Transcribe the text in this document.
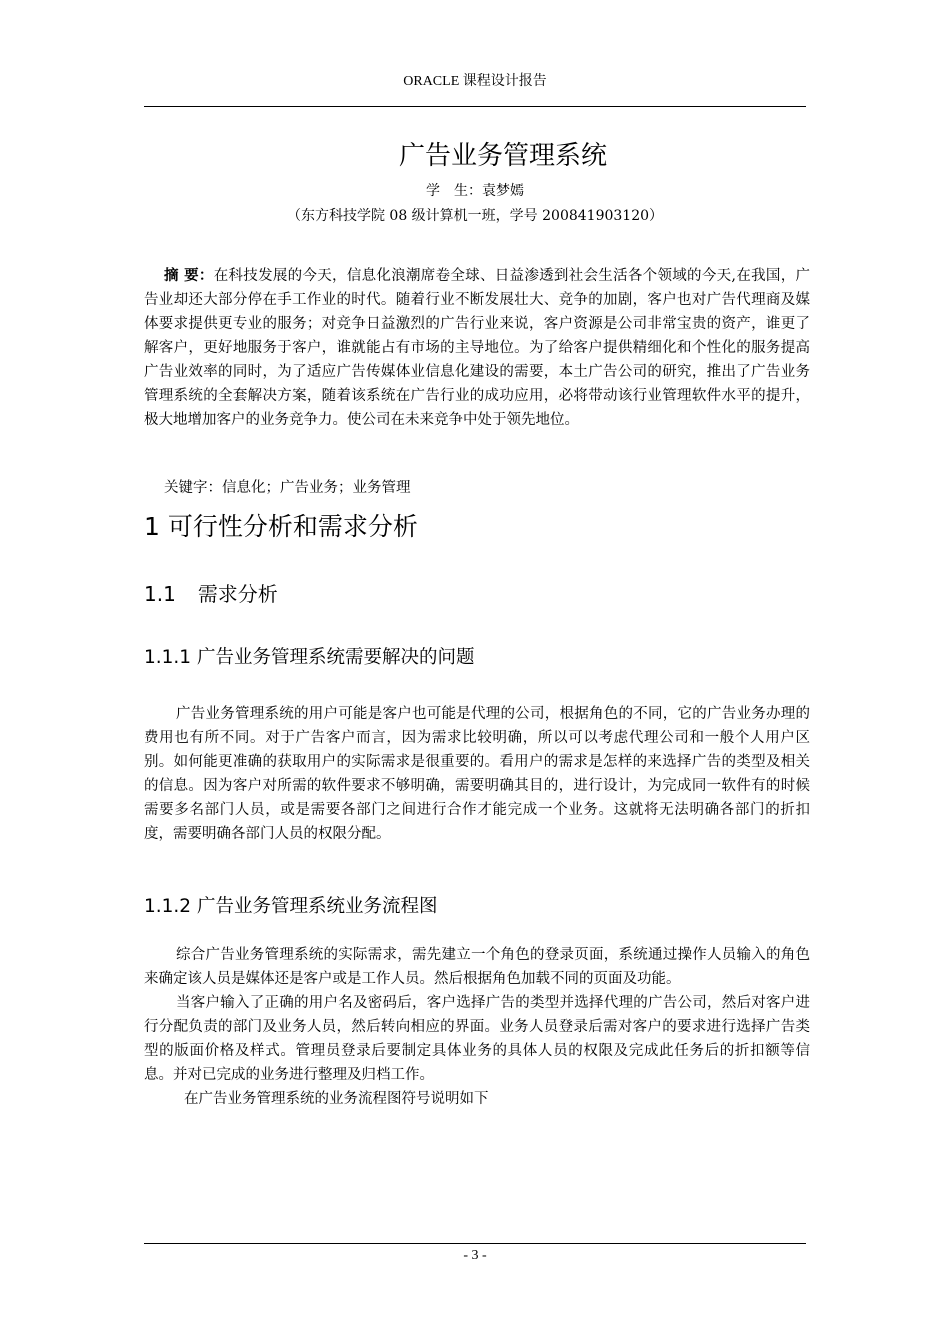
ORACLE 课程设计报告
广告业务管理系统
学　生：袁梦嫣
（东方科技学院 08 级计算机一班，学号 200841903120）
摘 要：在科技发展的今天，信息化浪潮席卷全球、日益渗透到社会生活各个领域的今天,在我国，广告业却还大部分停在手工作业的时代。随着行业不断发展壮大、竞争的加剧，客户也对广告代理商及媒体要求提供更专业的服务；对竞争日益激烈的广告行业来说，客户资源是公司非常宝贵的资产，谁更了解客户，更好地服务于客户，谁就能占有市场的主导地位。为了给客户提供精细化和个性化的服务提高广告业效率的同时，为了适应广告传媒体业信息化建设的需要，本土广告公司的研究，推出了广告业务管理系统的全套解决方案，随着该系统在广告行业的成功应用，必将带动该行业管理软件水平的提升，极大地增加客户的业务竞争力。使公司在未来竞争中处于领先地位。
关键字：信息化；广告业务；业务管理
1 可行性分析和需求分析
1.1 需求分析
1.1.1 广告业务管理系统需要解决的问题

广告业务管理系统的用户可能是客户也可能是代理的公司，根据角色的不同，它的广告业务办理的费用也有所不同。对于广告客户而言，因为需求比较明确，所以可以考虑代理公司和一般个人用户区别。如何能更准确的获取用户的实际需求是很重要的。看用户的需求是怎样的来选择广告的类型及相关的信息。因为客户对所需的软件要求不够明确，需要明确其目的，进行设计，为完成同一软件有的时候需要多名部门人员，或是需要各部门之间进行合作才能完成一个业务。这就将无法明确各部门的折扣度，需要明确各部门人员的权限分配。

1.1.2 广告业务管理系统业务流程图

综合广告业务管理系统的实际需求，需先建立一个角色的登录页面，系统通过操作人员输入的角色来确定该人员是媒体还是客户或是工作人员。然后根据角色加载不同的页面及功能。

当客户输入了正确的用户名及密码后，客户选择广告的类型并选择代理的广告公司，然后对客户进行分配负责的部门及业务人员，然后转向相应的界面。业务人员登录后需对客户的要求进行选择广告类型的版面价格及样式。管理员登录后要制定具体业务的具体人员的权限及完成此任务后的折扣额等信息。并对已完成的业务进行整理及归档工作。

在广告业务管理系统的业务流程图符号说明如下

- 3 -
